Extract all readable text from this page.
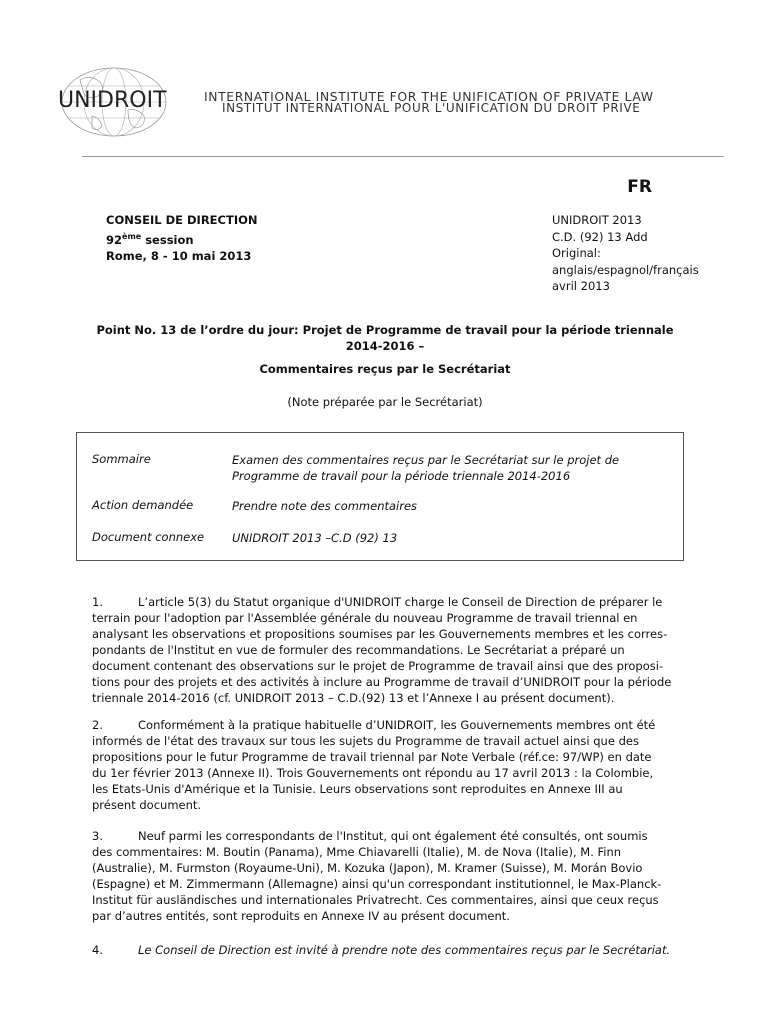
UNIDROIT	INTERNATIONAL INSTITUTE FOR THE UNIFICATION OF PRIVATE LAW
INSTITUT INTERNATIONAL POUR L'UNIFICATION DU DROIT PRIVE
FR
CONSEIL DE DIRECTION
92ème session
Rome, 8 - 10 mai 2013
UNIDROIT 2013
C.D. (92) 13 Add
Original:
anglais/espagnol/français
avril 2013
Point No. 13 de l’ordre du jour: Projet de Programme de travail pour la période triennale
2014-2016 –
Commentaires reçus par le Secrétariat
(Note préparée par le Secrétariat)
Sommaire	Examen des commentaires reçus par le Secrétariat sur le projet de
Programme de travail pour la période triennale 2014-2016
Action demandée	Prendre note des commentaires
Document connexe UNIDROIT 2013 –C.D (92) 13
1.	L’article 5(3) du Statut organique d'UNIDROIT charge le Conseil de Direction de préparer le
terrain pour l'adoption par l'Assemblée générale du nouveau Programme de travail triennal en
analysant les observations et propositions soumises par les Gouvernements membres et les corres-
pondants de l'Institut en vue de formuler des recommandations. Le Secrétariat a préparé un
document contenant des observations sur le projet de Programme de travail ainsi que des proposi-
tions pour des projets et des activités à inclure au Programme de travail d’UNIDROIT pour la période
triennale 2014-2016 (cf. UNIDROIT 2013 – C.D.(92) 13 et l’Annexe I au présent document).
2.	Conformément à la pratique habituelle d’UNIDROIT, les Gouvernements membres ont été
informés de l'état des travaux sur tous les sujets du Programme de travail actuel ainsi que des
propositions pour le futur Programme de travail triennal par Note Verbale (réf.ce: 97/WP) en date
du 1er février 2013 (Annexe II). Trois Gouvernements ont répondu au 17 avril 2013 : la Colombie,
les Etats-Unis d'Amérique et la Tunisie. Leurs observations sont reproduites en Annexe III au
présent document.
3.	Neuf parmi les correspondants de l'Institut, qui ont également été consultés, ont soumis
des commentaires: M. Boutin (Panama), Mme Chiavarelli (Italie), M. de Nova (Italie), M. Finn
(Australie), M. Furmston (Royaume-Uni), M. Kozuka (Japon), M. Kramer (Suisse), M. Morán Bovio
(Espagne) et M. Zimmermann (Allemagne) ainsi qu'un correspondant institutionnel, le Max-Planck-
Institut für ausländisches und internationales Privatrecht. Ces commentaires, ainsi que ceux reçus
par d’autres entités, sont reproduits en Annexe IV au présent document.
4.	Le Conseil de Direction est invité à prendre note des commentaires reçus par le Secrétariat.
